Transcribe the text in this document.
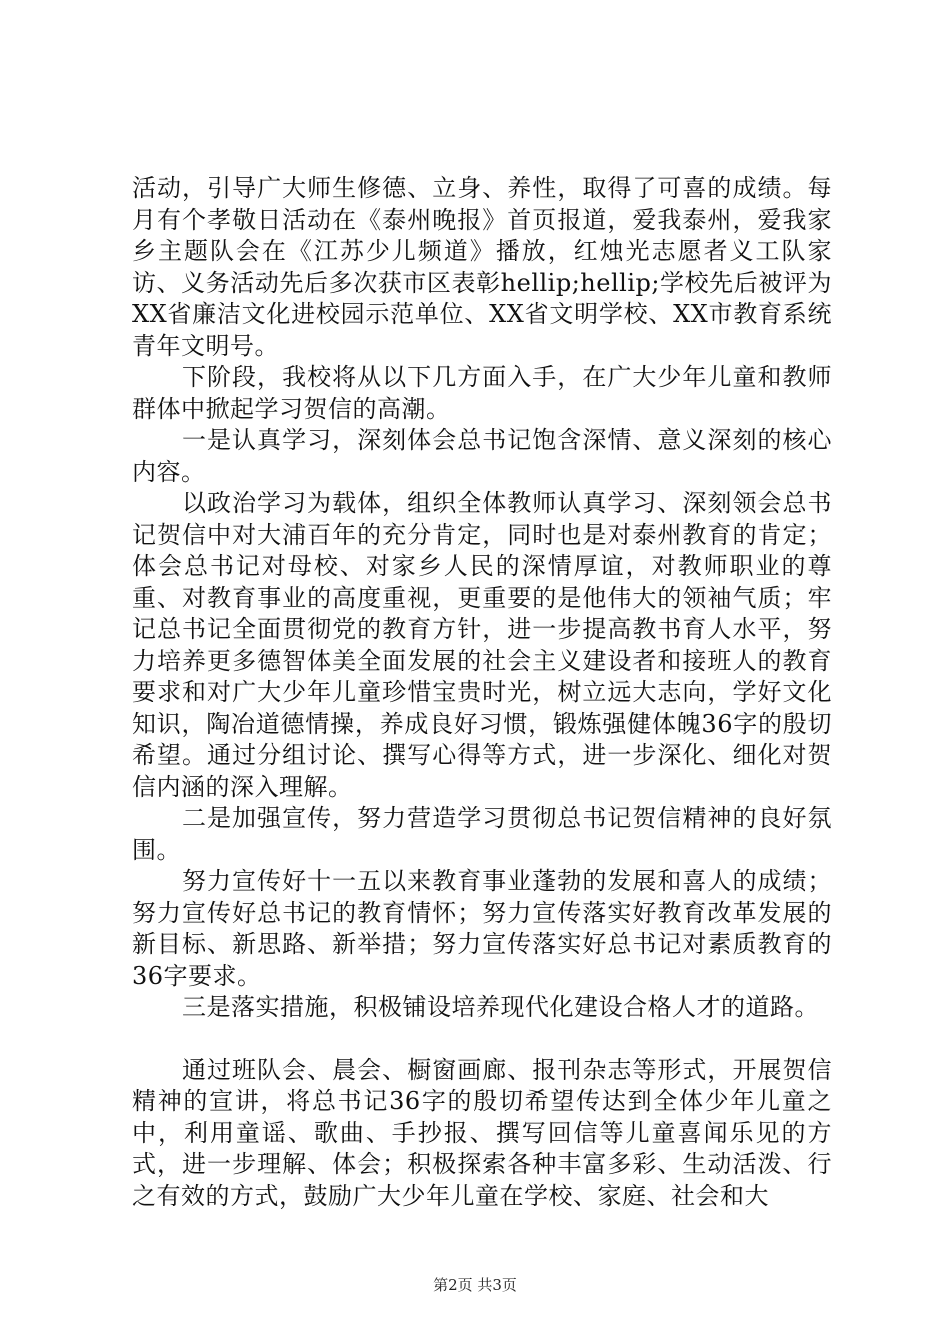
活动，引导广大师生修德、立身、养性，取得了可喜的成绩。每月有个孝敬日活动在《泰州晚报》首页报道，爱我泰州，爱我家乡主题队会在《江苏少儿频道》播放，红烛光志愿者义工队家访、义务活动先后多次获市区表彰hellip;hellip;学校先后被评为XX省廉洁文化进校园示范单位、XX省文明学校、XX市教育系统青年文明号。

下阶段，我校将从以下几方面入手，在广大少年儿童和教师群体中掀起学习贺信的高潮。

一是认真学习，深刻体会总书记饱含深情、意义深刻的核心内容。

以政治学习为载体，组织全体教师认真学习、深刻领会总书记贺信中对大浦百年的充分肯定，同时也是对泰州教育的肯定；体会总书记对母校、对家乡人民的深情厚谊，对教师职业的尊重、对教育事业的高度重视，更重要的是他伟大的领袖气质；牢记总书记全面贯彻党的教育方针，进一步提高教书育人水平，努力培养更多德智体美全面发展的社会主义建设者和接班人的教育要求和对广大少年儿童珍惜宝贵时光，树立远大志向，学好文化知识，陶冶道德情操，养成良好习惯，锻炼强健体魄36字的殷切希望。通过分组讨论、撰写心得等方式，进一步深化、细化对贺信内涵的深入理解。

二是加强宣传，努力营造学习贯彻总书记贺信精神的良好氛围。

努力宣传好十一五以来教育事业蓬勃的发展和喜人的成绩；努力宣传好总书记的教育情怀；努力宣传落实好教育改革发展的新目标、新思路、新举措；努力宣传落实好总书记对素质教育的36字要求。

三是落实措施，积极铺设培养现代化建设合格人才的道路。

通过班队会、晨会、橱窗画廊、报刊杂志等形式，开展贺信精神的宣讲，将总书记36字的殷切希望传达到全体少年儿童之中，利用童谣、歌曲、手抄报、撰写回信等儿童喜闻乐见的方式，进一步理解、体会；积极探索各种丰富多彩、生动活泼、行之有效的方式，鼓励广大少年儿童在学校、家庭、社会和大

第2页 共3页
